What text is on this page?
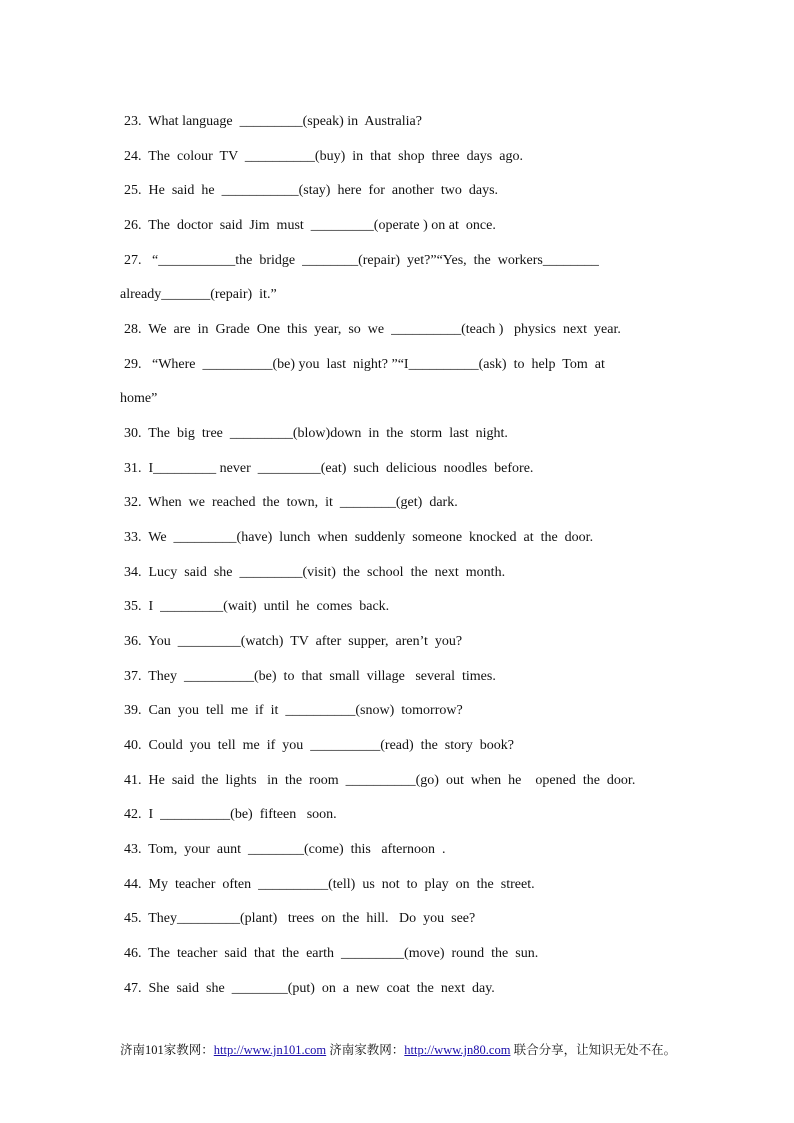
23.  What language  _________(speak) in  Australia?
24.  The  colour  TV  __________(buy)  in  that  shop  three  days  ago.
25.  He  said  he  ___________(stay)  here  for  another  two  days.
26.  The  doctor  said  Jim  must  _________(operate ) on at  once.
27.   “___________the  bridge  ________(repair)  yet?”“Yes,  the  workers________
already_______(repair)  it.”
28.  We  are  in  Grade  One  this  year,  so  we  __________(teach )   physics  next  year.
29.   “Where  __________(be) you  last  night? ”“I__________(ask)  to  help  Tom  at
home”
30.  The  big  tree  _________(blow)down  in  the  storm  last  night.
31.  I_________ never  _________(eat)  such  delicious  noodles  before.
32.  When  we  reached  the  town,  it  ________(get)  dark.
33.  We  _________(have)  lunch  when  suddenly  someone  knocked  at  the  door.
34.  Lucy  said  she  _________(visit)  the  school  the  next  month.
35.  I  _________(wait)  until  he  comes  back.
36.  You  _________(watch)  TV  after  supper,  aren’t  you?
37.  They  __________(be)  to  that  small  village   several  times.
39.  Can  you  tell  me  if  it  __________(snow)  tomorrow?
40.  Could  you  tell  me  if  you  __________(read)  the  story  book?
41.  He  said  the  lights   in  the  room  __________(go)  out  when  he    opened  the  door.
42.  I  __________(be)  fifteen   soon.
43.  Tom,  your  aunt  ________(come)  this   afternoon  .
44.  My  teacher  often  __________(tell)  us  not  to  play  on  the  street.
45.  They_________(plant)   trees  on  the  hill.   Do  you  see?
46.  The  teacher  said  that  the  earth  _________(move)  round  the  sun.
47.  She  said  she  ________(put)  on  a  new  coat  the  next  day.
济南101家教网：http://www.jn101.com 济南家教网：http://www.jn80.com 联合分享，让知识无处不在。
